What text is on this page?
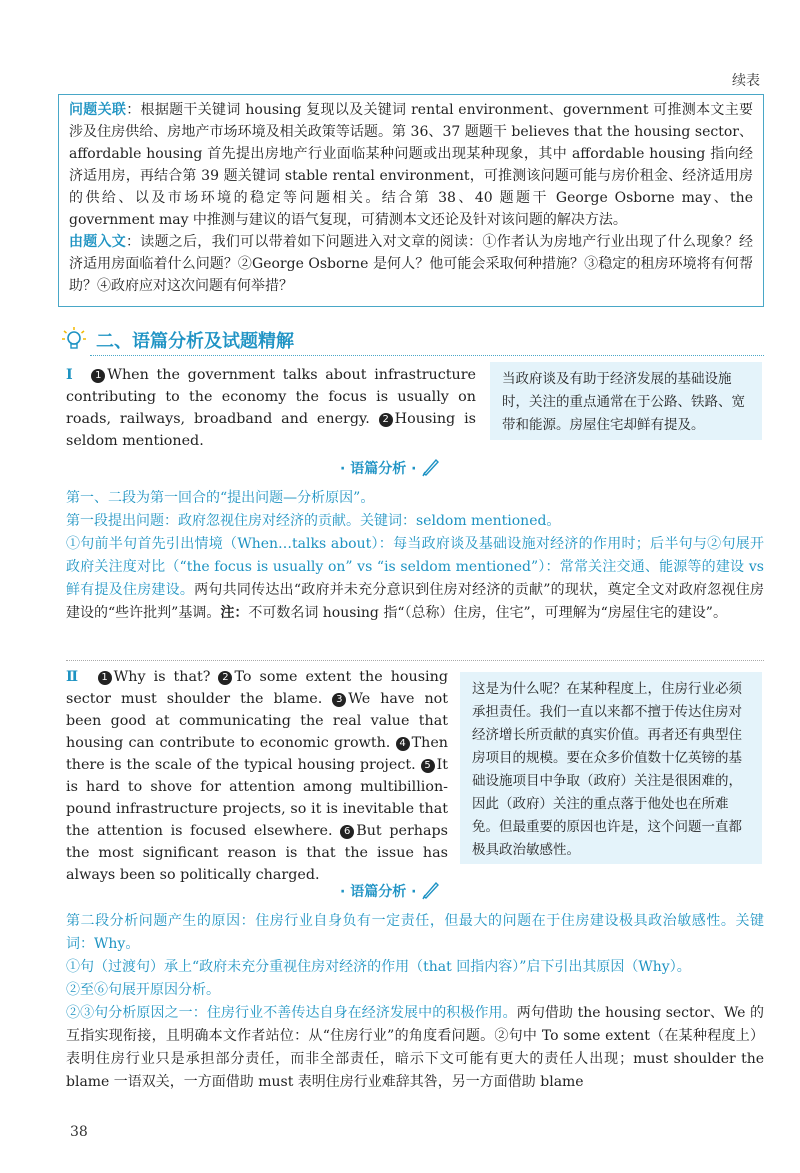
续表
问题关联：根据题干关键词 housing 复现以及关键词 rental environment、government 可推测本文主要涉及住房供给、房地产市场环境及相关政策等话题。第 36、37 题题干 believes that the housing sector、affordable housing 首先提出房地产行业面临某种问题或出现某种现象，其中 affordable housing 指向经济适用房，再结合第 39 题关键词 stable rental environment，可推测该问题可能与房价租金、经济适用房的供给、以及市场环境的稳定等问题相关。结合第 38、40 题题干 George Osborne may、the government may 中推测与建议的语气复现，可猜测本文还论及针对该问题的解决方法。
由题入文：读题之后，我们可以带着如下问题进入对文章的阅读：①作者认为房地产行业出现了什么现象？经济适用房面临着什么问题？②George Osborne 是何人？他可能会采取何种措施？③稳定的租房环境将有何帮助？④政府应对这次问题有何举措？
二、语篇分析及试题精解
Ⅰ 1 When the government talks about infrastructure contributing to the economy the focus is usually on roads, railways, broadband and energy. 2 Housing is seldom mentioned.
当政府谈及有助于经济发展的基础设施时，关注的重点通常在于公路、铁路、宽带和能源。房屋住宅却鲜有提及。
· 语篇分析 ·
第一、二段为第一回合的“提出问题—分析原因”。
第一段提出问题：政府忽视住房对经济的贡献。关键词：seldom mentioned。
①句前半句首先引出情境（When…talks about）：每当政府谈及基础设施对经济的作用时；后半句与②句展开政府关注度对比（“the focus is usually on” vs “is seldom mentioned”）：常常关注交通、能源等的建设 vs 鲜有提及住房建设。两句共同传达出“政府并未充分意识到住房对经济的贡献”的现状，奠定全文对政府忽视住房建设的“些许批判”基调。注：不可数名词 housing 指“（总称）住房，住宅”，可理解为“房屋住宅的建设”。
Ⅱ 1 Why is that? 2 To some extent the housing sector must shoulder the blame. 3 We have not been good at communicating the real value that housing can contribute to economic growth. 4 Then there is the scale of the typical housing project. 5 It is hard to shove for attention among multibillion-pound infrastructure projects, so it is inevitable that the attention is focused elsewhere. 6 But perhaps the most significant reason is that the issue has always been so politically charged.
这是为什么呢？在某种程度上，住房行业必须承担责任。我们一直以来都不擅于传达住房对经济增长所贡献的真实价值。再者还有典型住房项目的规模。要在众多价值数十亿英镑的基础设施项目中争取（政府）关注是很困难的，因此（政府）关注的重点落于他处也在所难免。但最重要的原因也许是，这个问题一直都极具政治敏感性。
· 语篇分析 ·
第二段分析问题产生的原因：住房行业自身负有一定责任，但最大的问题在于住房建设极具政治敏感性。关键词：Why。
①句（过渡句）承上“政府未充分重视住房对经济的作用（that 回指内容）”启下引出其原因（Why）。
②至⑥句展开原因分析。
②③句分析原因之一：住房行业不善传达自身在经济发展中的积极作用。两句借助 the housing sector、We 的互指实现衔接，且明确本文作者站位：从“住房行业”的角度看问题。②句中 To some extent（在某种程度上）表明住房行业只是承担部分责任，而非全部责任，暗示下文可能有更大的责任人出现；must shoulder the blame 一语双关，一方面借助 must 表明住房行业难辞其咎，另一方面借助 blame
38
